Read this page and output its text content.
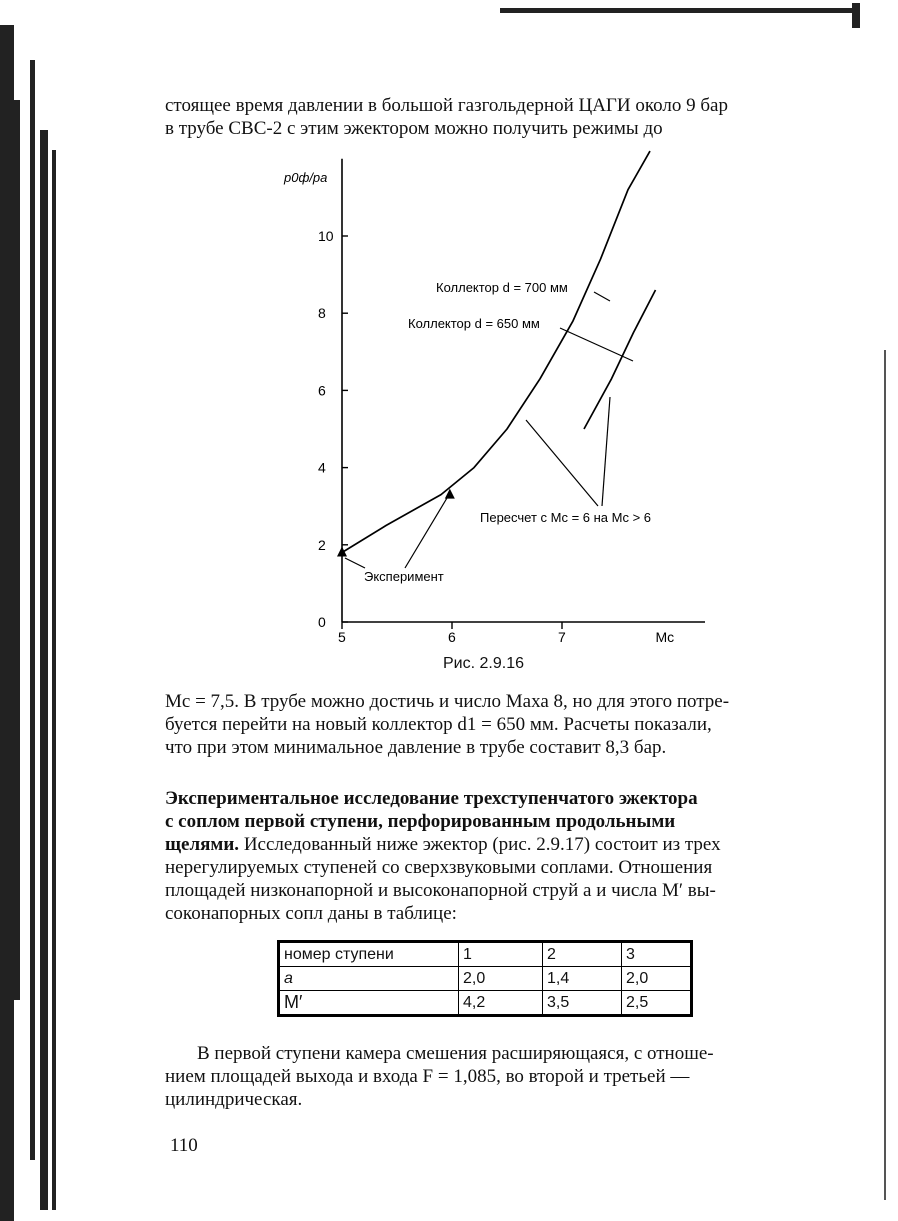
стоящее время давлении в большой газгольдерной ЦАГИ около 9 бар
в трубе СВС-2 с этим эжектором можно получить режимы до
p0ф/pa
Mc
0
2
4
6
8
10
5	6	7
Коллектор d = 700 мм
Коллектор d = 650 мм
Пересчет с Mc = 6 на Mc > 6
Эксперимент
Рис. 2.9.16
Mc = 7,5. В трубе можно достичь и число Маха 8, но для этого потре-
буется перейти на новый коллектор d1 = 650 мм. Расчеты показали,
что при этом минимальное давление в трубе составит 8,3 бар.
Экспериментальное исследование трехступенчатого эжектора
с соплом первой ступени, перфорированным продольными
щелями. Исследованный ниже эжектор (рис. 2.9.17) состоит из трех
нерегулируемых ступеней со сверхзвуковыми соплами. Отношения
площадей низконапорной и высоконапорной струй a и числа M′ вы-
соконапорных сопл даны в таблице:
номер ступени	1	2	3
a	2,0	1,4	2,0
M′	4,2	3,5	2,5
В первой ступени камера смешения расширяющаяся, с отноше-
нием площадей выхода и входа F = 1,085, во второй и третьей —
цилиндрическая.
110
